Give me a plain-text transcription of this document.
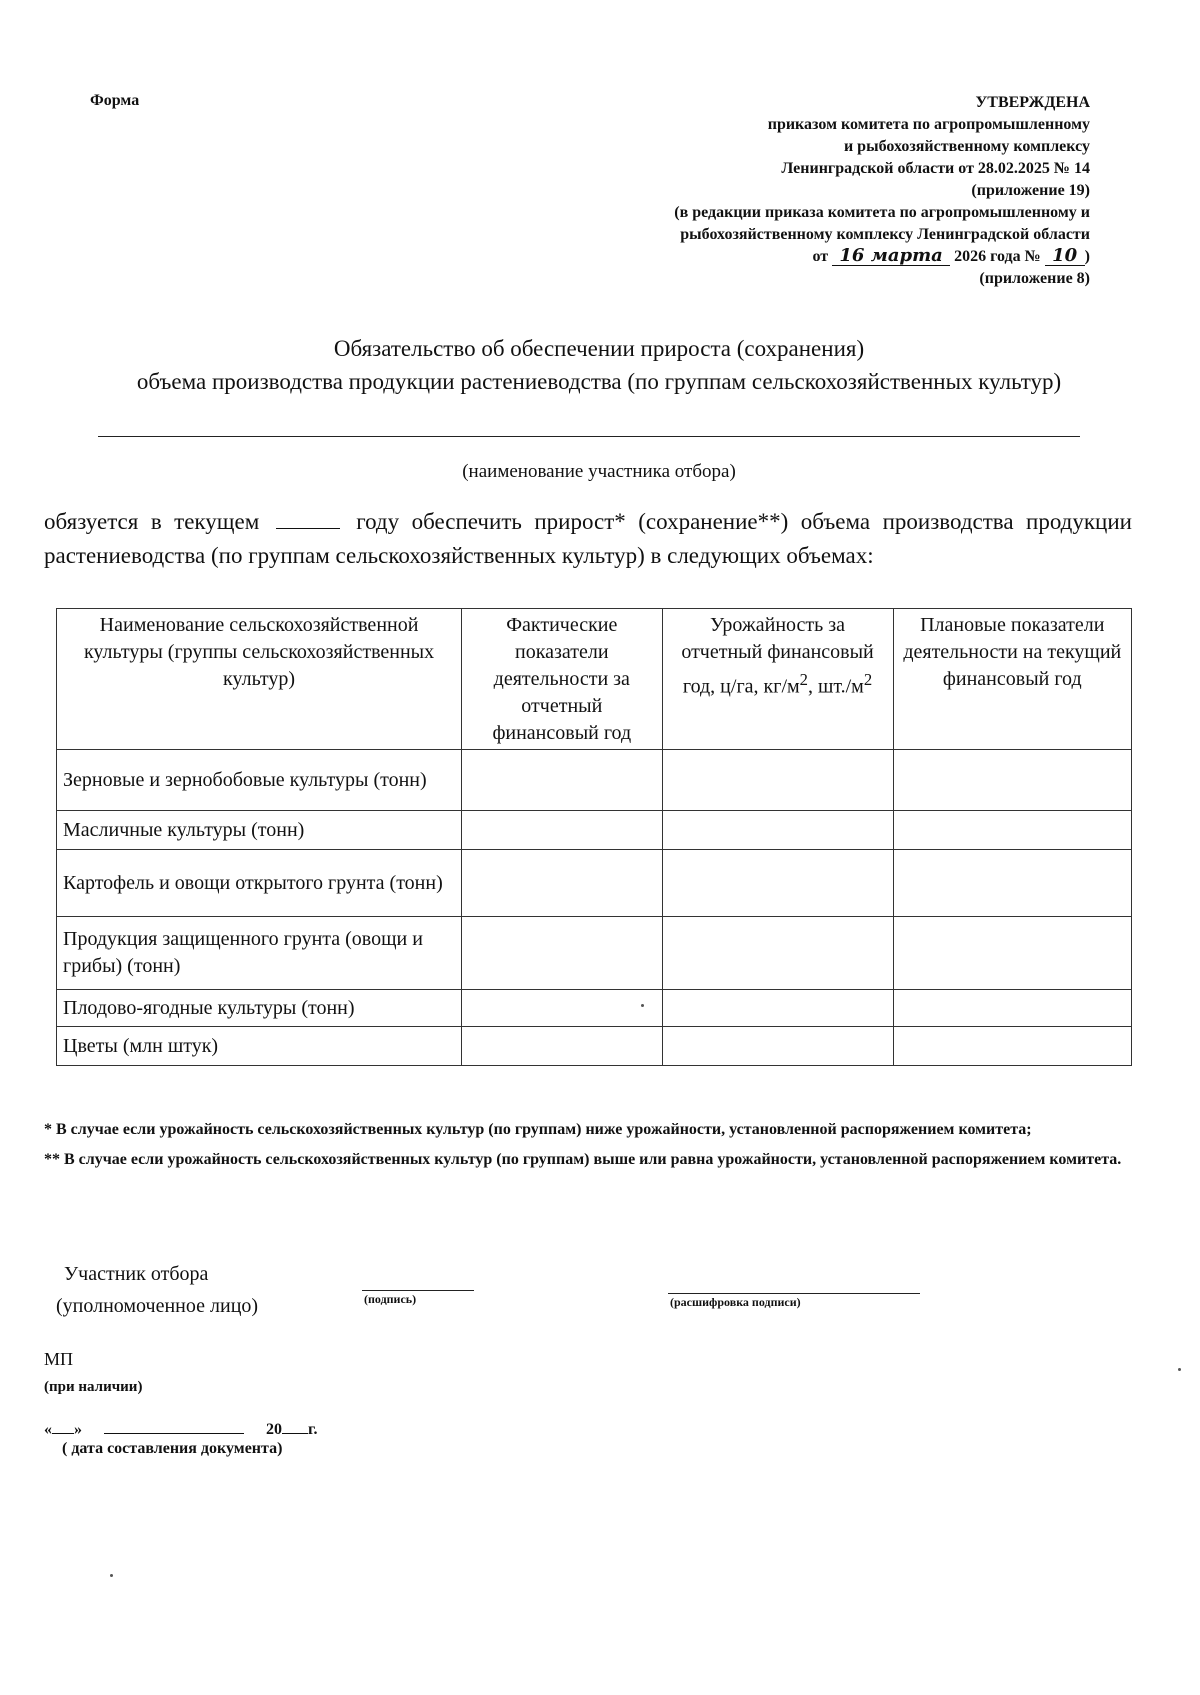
Форма	УТВЕРЖДЕНА
приказом комитета по агропромышленному
и рыбохозяйственному комплексу
Ленинградской области от 28.02.2025 № 14
(приложение 19)
(в редакции приказа комитета по агропромышленному и
рыбохозяйственному комплексу Ленинградской области
от 16 марта 2026 года № 10 )
(приложение 8)
Обязательство об обеспечении прироста (сохранения)
объема производства продукции растениеводства (по группам сельскохозяйственных культур)
(наименование участника отбора)
обязуется в текущем	году обеспечить прирост* (сохранение**) объема производства продукции растениеводства (по группам сельскохозяйственных культур) в следующих объемах:
Наименование сельскохозяйственной культуры (группы сельскохозяйственных культур)	Фактические показатели деятельности за отчетный финансовый год	Урожайность за отчетный финансовый год, ц/га, $кг/м^2$, $шт./м^2$	Плановые показатели деятельности на текущий финансовый год
Зерновые и зернобобовые культуры (тонн)			
Масличные культуры (тонн)			
Картофель и овощи открытого грунта (тонн)			
Продукция защищенного грунта (овощи и грибы) (тонн)			
Плодово-ягодные культуры (тонн)			
Цветы (млн штук)			

* В случае если урожайность сельскохозяйственных культур (по группам) ниже урожайности, установленной распоряжением комитета;

** В случае если урожайность сельскохозяйственных культур (по группам) выше или равна урожайности, установленной распоряжением комитета.

Участник отбора
(уполномоченное лицо)	(подпись)	(расшифровка подписи)
МП
(при наличии)
« »	20 г.
( дата составления документа)
